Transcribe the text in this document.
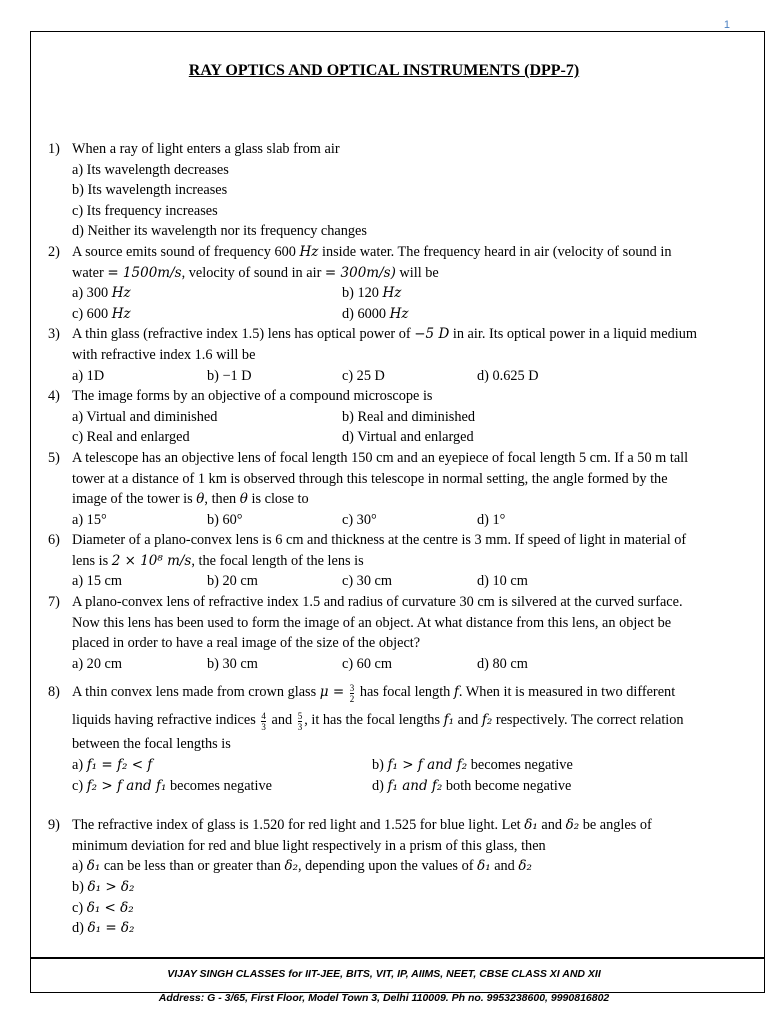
1
RAY OPTICS AND OPTICAL INSTRUMENTS (DPP-7)
1) When a ray of light enters a glass slab from air
a) Its wavelength decreases
b) Its wavelength increases
c) Its frequency increases
d) Neither its wavelength nor its frequency changes
2) A source emits sound of frequency 600 Hz inside water. The frequency heard in air (velocity of sound in
water = 1500m/s, velocity of sound in air = 300m/s) will be
a) 300 Hz	b) 120 Hz
c) 600 Hz	d) 6000 Hz
3) A thin glass (refractive index 1.5) lens has optical power of −5 D in air. Its optical power in a liquid medium
with refractive index 1.6 will be
a) 1D	b) −1 D	c) 25 D	d) 0.625 D
4) The image forms by an objective of a compound microscope is
a) Virtual and diminished	b) Real and diminished
c) Real and enlarged	d) Virtual and enlarged
5) A telescope has an objective lens of focal length 150 cm and an eyepiece of focal length 5 cm. If a 50 m tall
tower at a distance of 1 km is observed through this telescope in normal setting, the angle formed by the
image of the tower is θ, then θ is close to
a) 15°	b) 60°	c) 30°	d) 1°
6) Diameter of a plano-convex lens is 6 cm and thickness at the centre is 3 mm. If speed of light in material of
lens is 2 × 10⁸ m/s, the focal length of the lens is
a) 15 cm	b) 20 cm	c) 30 cm	d) 10 cm
7) A plano-convex lens of refractive index 1.5 and radius of curvature 30 cm is silvered at the curved surface.
Now this lens has been used to form the image of an object. At what distance from this lens, an object be
placed in order to have a real image of the size of the object?
a) 20 cm	b) 30 cm	c) 60 cm	d) 80 cm
8) A thin convex lens made from crown glass $\mu = \frac{3}{2}$ has focal length f. When it is measured in two different
liquids having refractive indices $\frac{4}{3}$ and $\frac{5}{3}$ , it has the focal lengths f₁ and f₂ respectively. The correct relation
between the focal lengths is
a) f₁ = f₂ < f	b) f₁ > f and f₂ becomes negative
c) f₂ > f and f₁ becomes negative	d) f₁ and f₂ both become negative
9) The refractive index of glass is 1.520 for red light and 1.525 for blue light. Let δ₁ and δ₂ be angles of
minimum deviation for red and blue light respectively in a prism of this glass, then
a) δ₁ can be less than or greater than δ₂, depending upon the values of δ₁ and δ₂
b) δ₁ > δ₂
c) δ₁ < δ₂
d) δ₁ = δ₂
VIJAY SINGH CLASSES for IIT-JEE, BITS, VIT, IP, AIIMS, NEET, CBSE CLASS XI AND XII
Address: G - 3/65, First Floor, Model Town 3, Delhi 110009. Ph no. 9953238600, 9990816802
